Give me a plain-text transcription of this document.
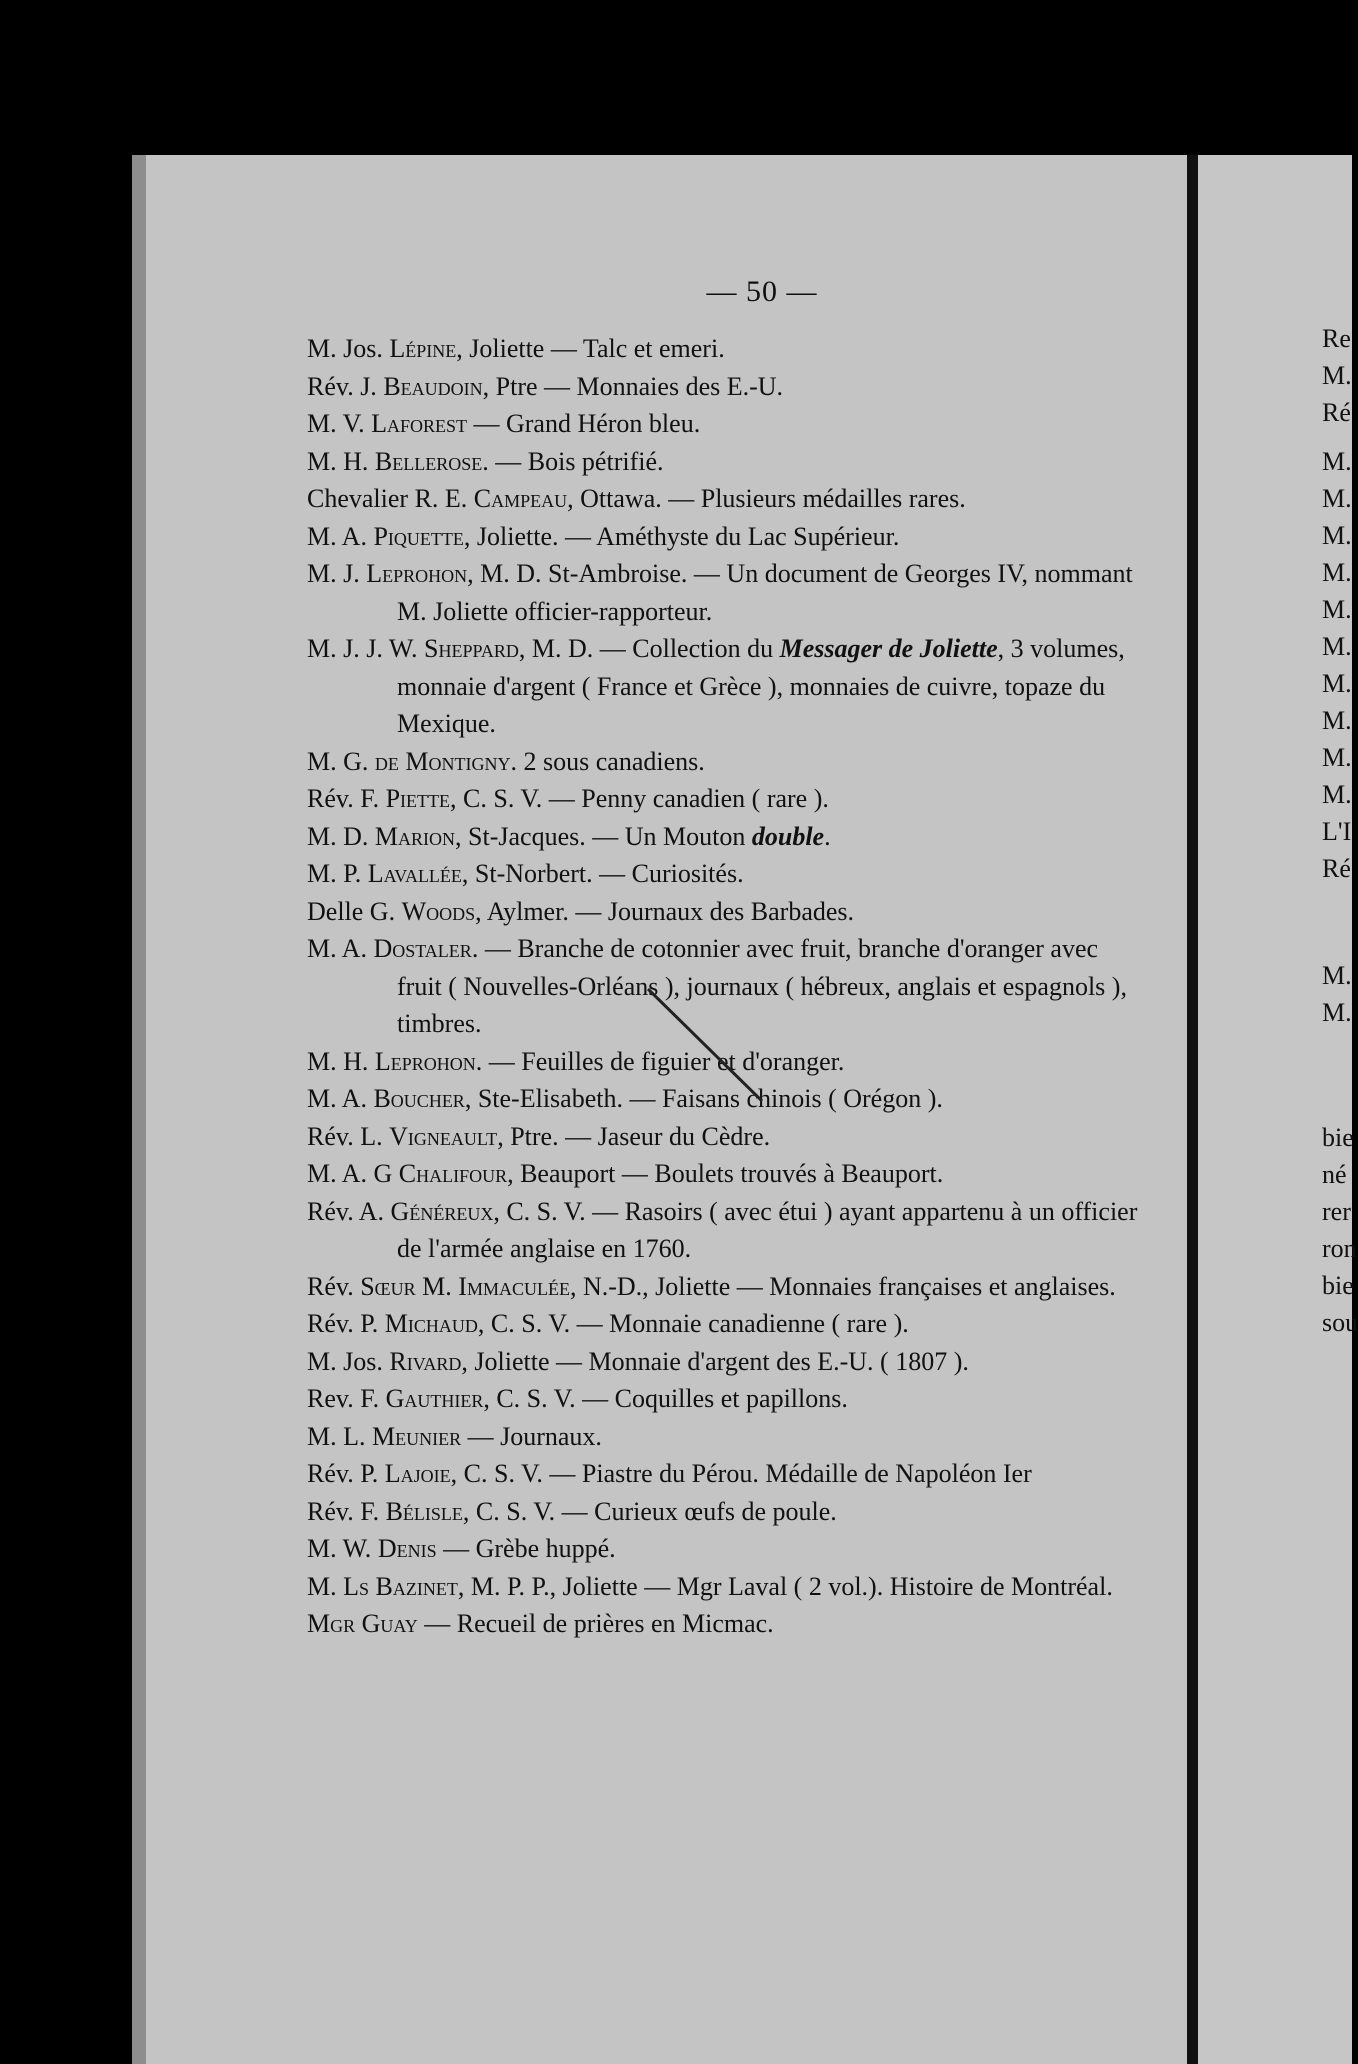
— 50 —
M. Jos. Lépine, Joliette — Talc et emeri.
Rév. J. Beaudoin, Ptre — Monnaies des E.-U.
M. V. Laforest — Grand Héron bleu.
M. H. Bellerose. — Bois pétrifié.
Chevalier R. E. Campeau, Ottawa. — Plusieurs médailles rares.
M. A. Piquette, Joliette. — Améthyste du Lac Supérieur.
M. J. Leprohon, M. D. St-Ambroise. — Un document de Georges IV, nommant M. Joliette officier-rapporteur.
M. J. J. W. Sheppard, M. D. — Collection du Messager de Joliette, 3 volumes, monnaie d'argent ( France et Grèce ), monnaies de cuivre, topaze du Mexique.
M. G. de Montigny. 2 sous canadiens.
Rév. F. Piette, C. S. V. — Penny canadien ( rare ).
M. D. Marion, St-Jacques. — Un Mouton double.
M. P. Lavallée, St-Norbert. — Curiosités.
Delle G. Woods, Aylmer. — Journaux des Barbades.
M. A. Dostaler. — Branche de cotonnier avec fruit, branche d'oranger avec fruit ( Nouvelles-Orléans ), journaux ( hébreux, anglais et espagnols ), timbres.
M. H. Leprohon. — Feuilles de figuier et d'oranger.
M. A. Boucher, Ste-Elisabeth. — Faisans chinois ( Orégon ).
Rév. L. Vigneault, Ptre. — Jaseur du Cèdre.
M. A. G Chalifour, Beauport — Boulets trouvés à Beauport.
Rév. A. Généreux, C. S. V. — Rasoirs ( avec étui ) ayant appartenu à un officier de l'armée anglaise en 1760.
Rév. Sœur M. Immaculée, N.-D., Joliette — Monnaies françaises et anglaises.
Rév. P. Michaud, C. S. V. — Monnaie canadienne ( rare ).
M. Jos. Rivard, Joliette — Monnaie d'argent des E.-U. ( 1807 ).
Rev. F. Gauthier, C. S. V. — Coquilles et papillons.
M. L. Meunier — Journaux.
Rév. P. Lajoie, C. S. V. — Piastre du Pérou. Médaille de Napoléon Ier
Rév. F. Bélisle, C. S. V. — Curieux œufs de poule.
M. W. Denis — Grèbe huppé.
M. Ls Bazinet, M. P. P., Joliette — Mgr Laval ( 2 vol.). Histoire de Montréal.
Mgr Guay — Recueil de prières en Micmac.
Re
M.
Ré
M.
M.
M.
M.
M.
M.
M.
M.
M.
M.
L'I
Ré
M.
M.
bie
né
rer
ron
bie
sou
